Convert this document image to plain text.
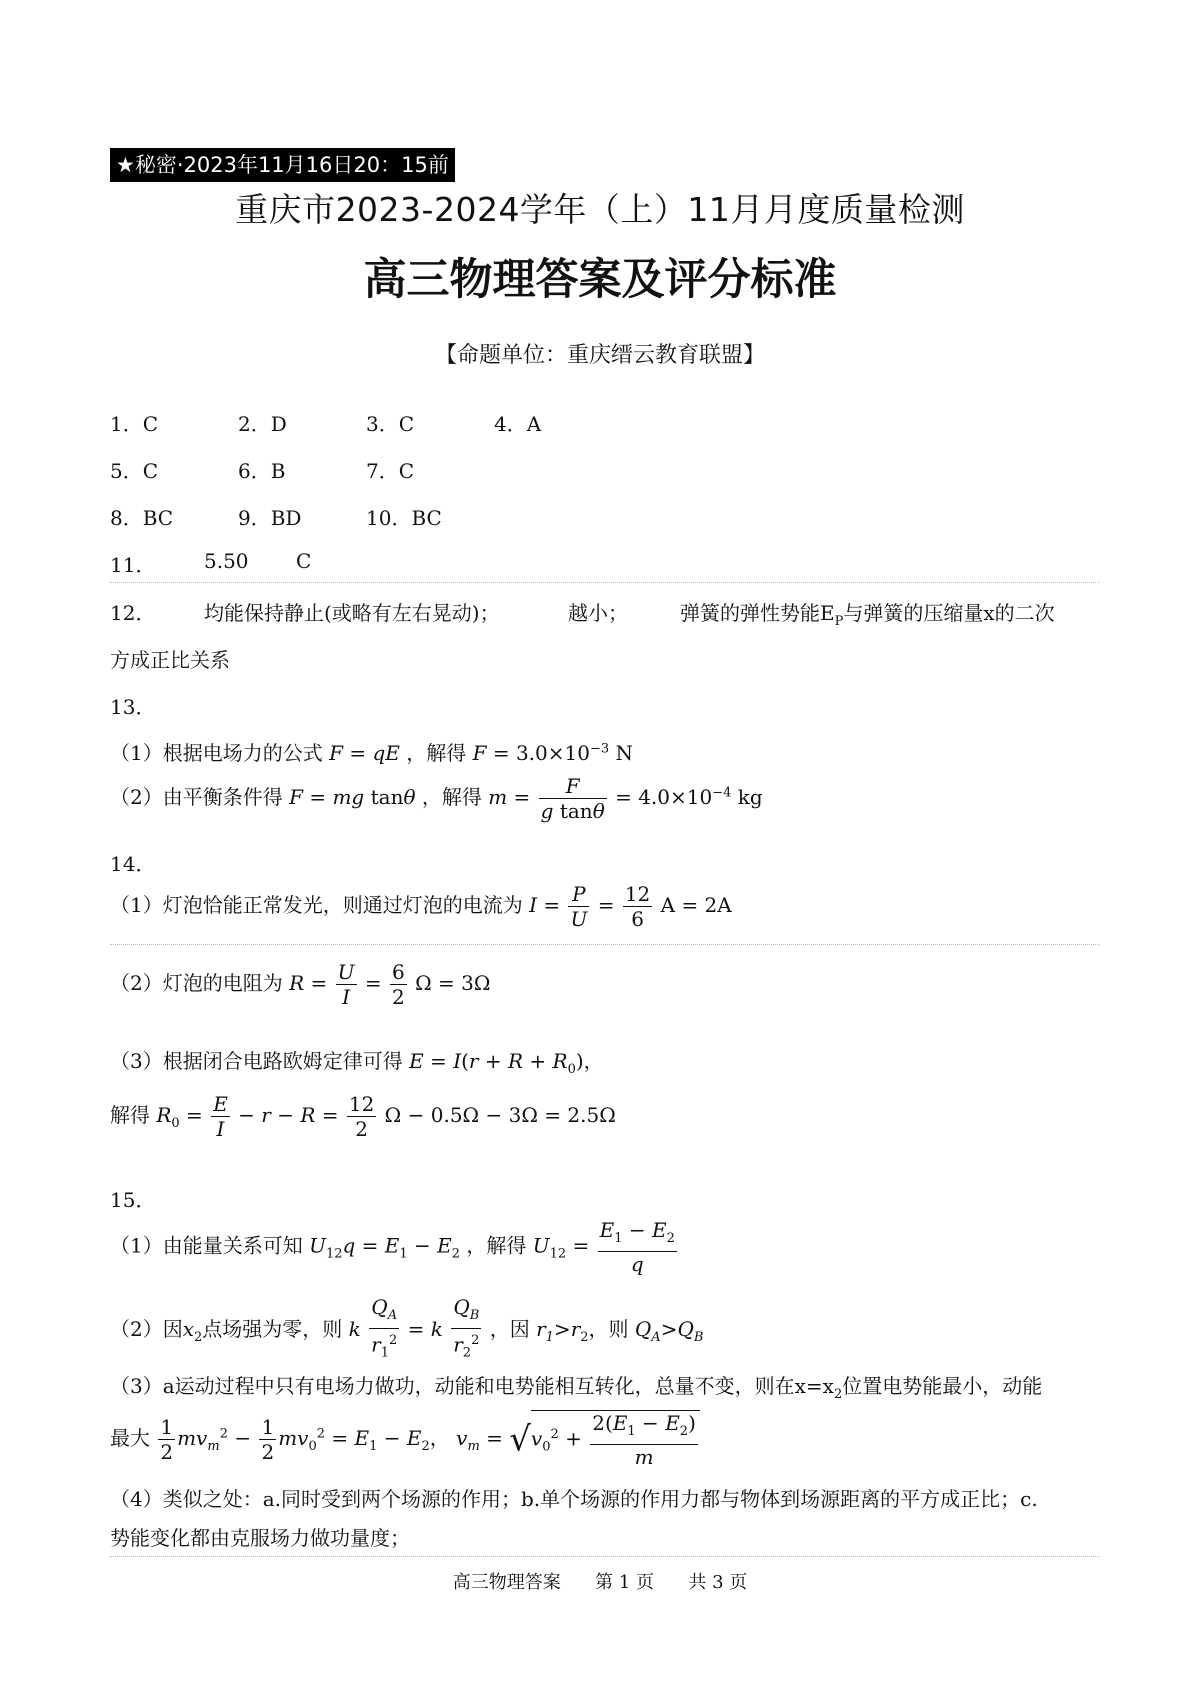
★秘密·2023年11月16日20：15前
重庆市2023-2024学年（上）11月月度质量检测
高三物理答案及评分标准
【命题单位：重庆缙云教育联盟】
1．C	2．D	3．C	4．A
5．C	6．B	7．C
8．BC	9．BD	10．BC
11． 5.50 C
12． 均能保持静止(或略有左右晃动)；	越小；	弹簧的弹性势能$E_P$与弹簧的压缩量x的二次
方成正比关系
13．
（1）根据电场力的公式 F = qE ，解得 $F = 3.0\times 10^{-3}$ N
（2）由平衡条件得 F = mg tanθ ，解得 $m = \frac{F}{\text{g tanθ}} = 4.0\times 10^{-4}$ kg
14．
（1）灯泡恰能正常发光，则通过灯泡的电流为 $I = \frac{P}{U} = \frac{12}{6}$ A = 2A
（2）灯泡的电阻为 $R = \frac{U}{I} = \frac{6}{2}$ Ω = 3Ω
（3）根据闭合电路欧姆定律可得 $E = I(r + R + R_0)$，
解得 $R_0 = \frac{E}{I} - r - R = \frac{12}{2}$ Ω − 0.5Ω − 3Ω = 2.5Ω
15．
（1）由能量关系可知 $U_{12}q = E_1 - E_2$ ，解得 $U_{12} = \frac{E_1 - E_2}{q}$
（2）因$x_2$点场强为零，则 k $\frac{Q_A}{r_1^2} = k \frac{Q_B}{r_2^2}$ ，因 $r_1>r_2$，则 $Q_A>Q_B$
（3）a运动过程中只有电场力做功，动能和电势能相互转化，总量不变，则在$x=x_2$位置电势能最小，动能
最大 $\frac{1}{2} mv_m^2 - \frac{1}{2} mv_0^2 = E_1 - E_2$， $v_m = √v_0^2 + \frac{2(E_1 - E_2)}{m}$
（4）类似之处：a.同时受到两个场源的作用；b.单个场源的作用力都与物体到场源距离的平方成正比；c.
势能变化都由克服场力做功量度；
高三物理答案 第 1 页 共 3 页
